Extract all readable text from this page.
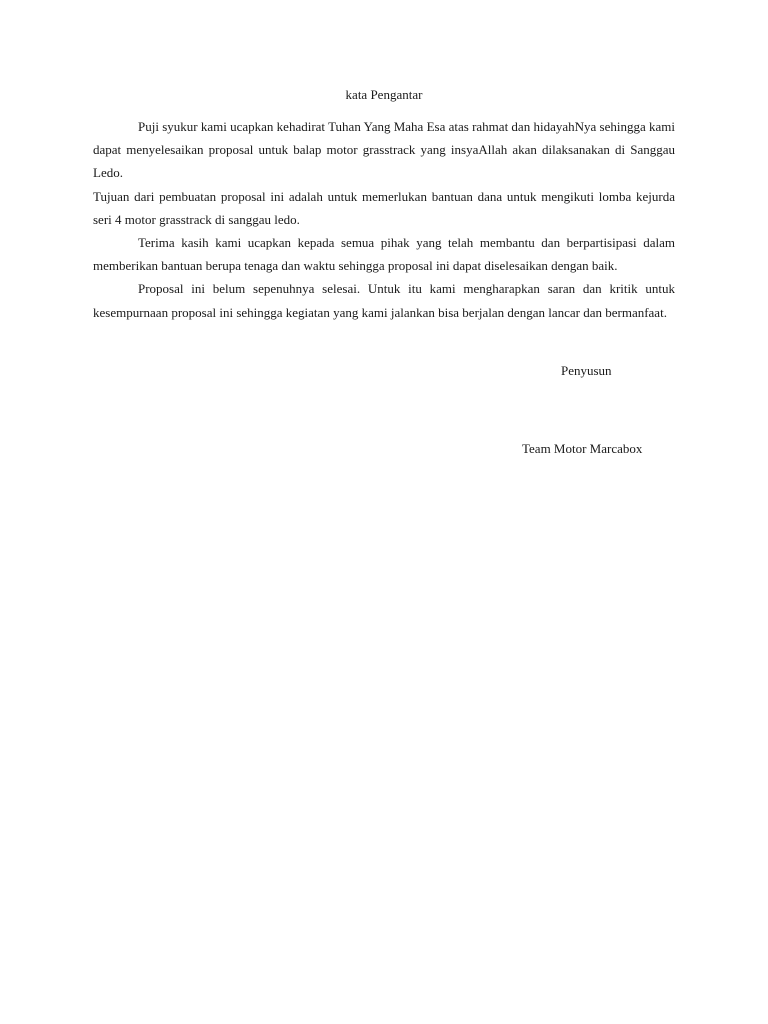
kata Pengantar

Puji syukur kami ucapkan kehadirat Tuhan Yang Maha Esa atas rahmat dan hidayahNya sehingga kami dapat menyelesaikan proposal untuk balap motor grasstrack yang insyaAllah akan dilaksanakan di Sanggau Ledo.

Tujuan dari pembuatan proposal ini adalah untuk memerlukan bantuan dana untuk mengikuti lomba kejurda seri 4 motor grasstrack di sanggau ledo.

Terima kasih kami ucapkan kepada semua pihak yang telah membantu dan berpartisipasi dalam memberikan bantuan berupa tenaga dan waktu sehingga proposal ini dapat diselesaikan dengan baik.

Proposal ini belum sepenuhnya selesai. Untuk itu kami mengharapkan saran dan kritik untuk kesempurnaan proposal ini sehingga kegiatan yang kami jalankan bisa berjalan dengan lancar dan bermanfaat.

Penyusun
Team Motor Marcabox
